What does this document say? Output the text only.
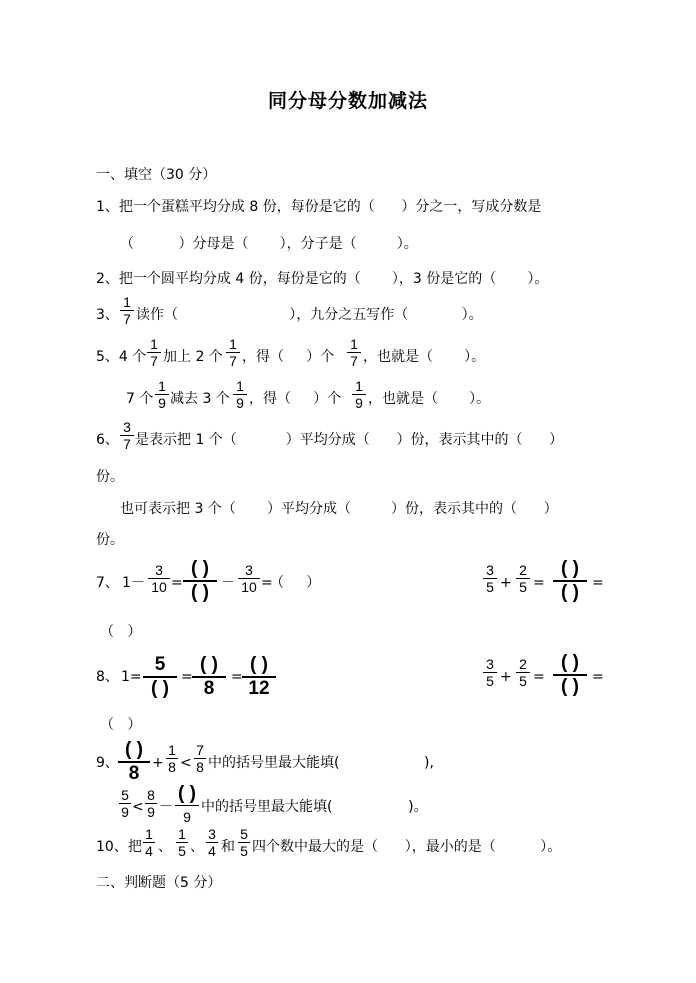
同分母分数加减法
一、填空（30 分）
1、把一个蛋糕平均分成 8 份，每份是它的（      ）分之一，写成分数是
（          ）分母是（       ），分子是（         ）。
2、把一个圆平均分成 4 份，每份是它的（       ），3 份是它的（       ）。
3、
1
7 读作（                         ），九分之五写作（            ）。
5、4 个
1
7 加上 2 个
1
7 ，得（     ）个
1
7 ，也就是（       ）。
7 个
1
9 减去 3 个
1
9 ，得（     ）个
1
9 ，也就是（       ）。
6、
3
7 是表示把 1 个（           ）平均分成（      ）份，表示其中的（      ）
份。
也可表示把 3 个（       ）平均分成（         ）份，表示其中的（      ）
份。
7、 1 －
3
10 =
( )
( ) －
3
10 =
（     ）
3
5 +
2
5 =
( )
( ) =
（   ）
8、 1=
5
( )
=
( )
8
=
( )
12
3
5 +
2
5 =
( )
( ) =
（   ）
9、
( )
8 +
1
8 <
7
8 中的括号里最大能填(                   ),
5
9 <
8
9 －
( )
9
中的括号里最大能填(                 )。
10、把
1
4 、
1
5 、
3
4 和
5
5 四个数中最大的是（      ），最小的是（          ）。
二、判断题（5 分）
